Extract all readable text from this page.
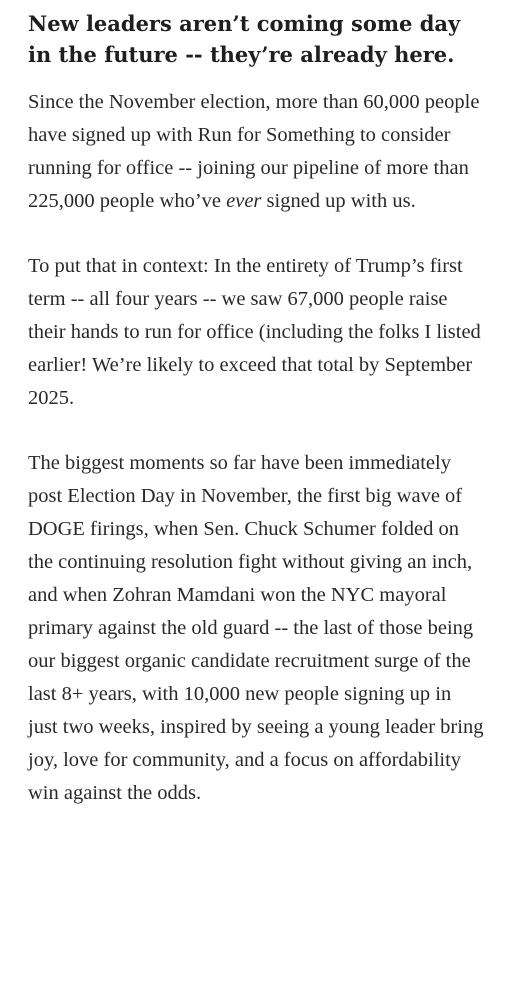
New leaders aren’t coming some day in the future -- they’re already here.

Since the November election, more than 60,000 people have signed up with Run for Something to consider running for office -- joining our pipeline of more than 225,000 people who’ve ever signed up with us.

To put that in context: In the entirety of Trump’s first term -- all four years -- we saw 67,000 people raise their hands to run for office (including the folks I listed earlier! We’re likely to exceed that total by September 2025.

The biggest moments so far have been immediately post Election Day in November, the first big wave of DOGE firings, when Sen. Chuck Schumer folded on the continuing resolution fight without giving an inch, and when Zohran Mamdani won the NYC mayoral primary against the old guard -- the last of those being our biggest organic candidate recruitment surge of the last 8+ years, with 10,000 new people signing up in just two weeks, inspired by seeing a young leader bring joy, love for community, and a focus on affordability win against the odds.
